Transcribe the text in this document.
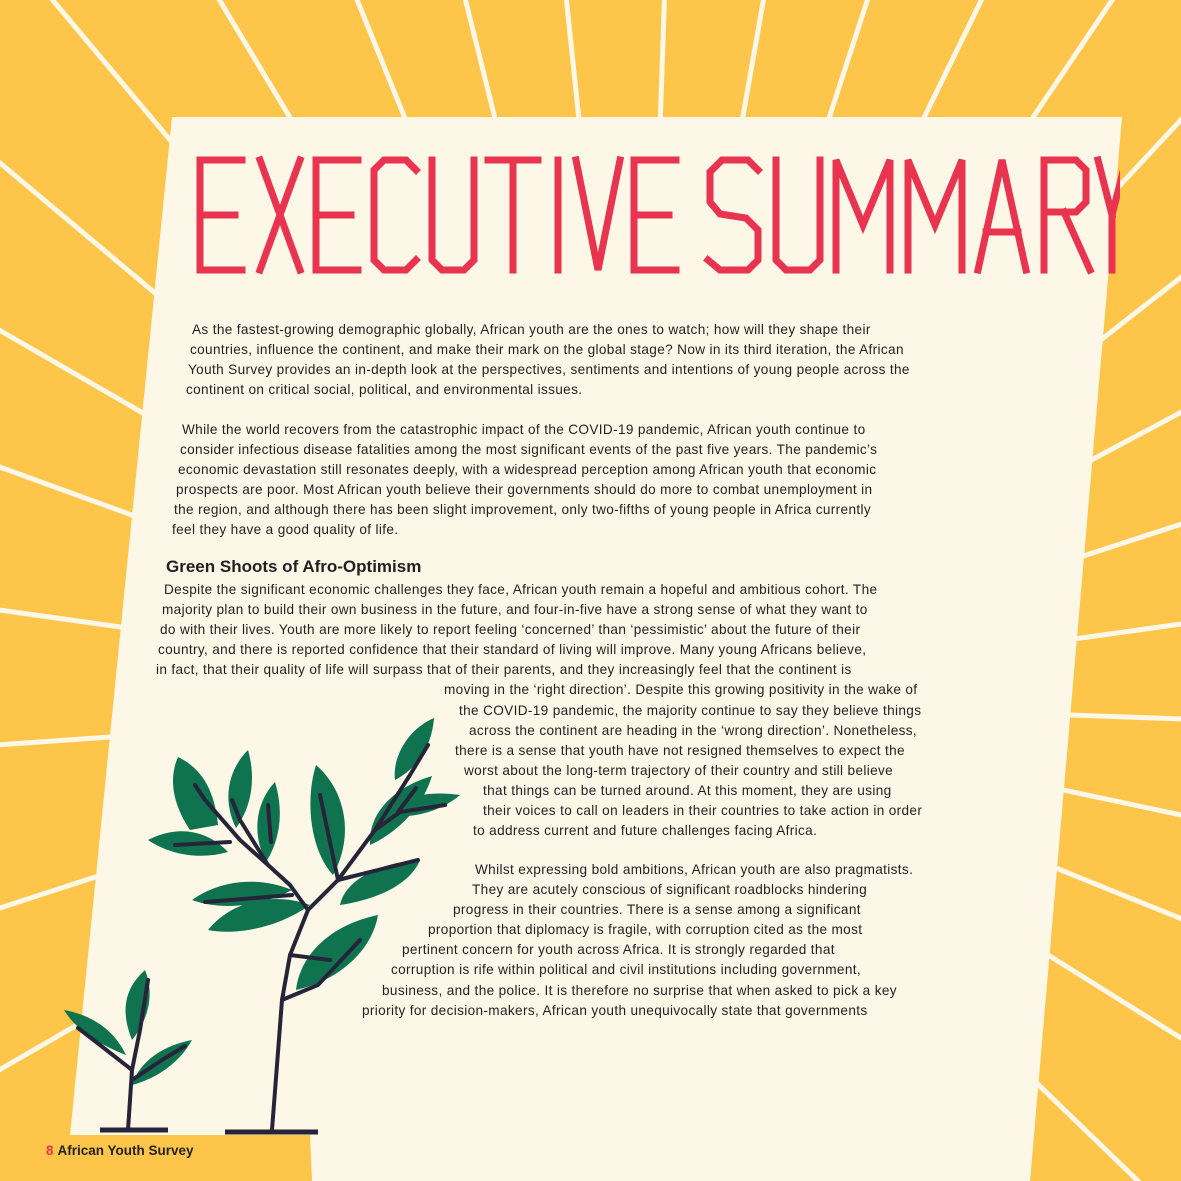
As the fastest-growing demographic globally, African youth are the ones to watch; how will they shape their
countries, influence the continent, and make their mark on the global stage? Now in its third iteration, the African
Youth Survey provides an in-depth look at the perspectives, sentiments and intentions of young people across the
continent on critical social, political, and environmental issues.
While the world recovers from the catastrophic impact of the COVID-19 pandemic, African youth continue to
consider infectious disease fatalities among the most significant events of the past five years. The pandemic’s
economic devastation still resonates deeply, with a widespread perception among African youth that economic
prospects are poor. Most African youth believe their governments should do more to combat unemployment in
the region, and although there has been slight improvement, only two-fifths of young people in Africa currently
feel they have a good quality of life.
Green Shoots of Afro-Optimism
Despite the significant economic challenges they face, African youth remain a hopeful and ambitious cohort. The
majority plan to build their own business in the future, and four-in-five have a strong sense of what they want to
do with their lives. Youth are more likely to report feeling ‘concerned’ than ‘pessimistic’ about the future of their
country, and there is reported confidence that their standard of living will improve. Many young Africans believe,
in fact, that their quality of life will surpass that of their parents, and they increasingly feel that the continent is
moving in the ‘right direction’. Despite this growing positivity in the wake of
the COVID-19 pandemic, the majority continue to say they believe things
across the continent are heading in the ‘wrong direction’. Nonetheless,
there is a sense that youth have not resigned themselves to expect the
worst about the long-term trajectory of their country and still believe
that things can be turned around. At this moment, they are using
their voices to call on leaders in their countries to take action in order
to address current and future challenges facing Africa.
Whilst expressing bold ambitions, African youth are also pragmatists.
They are acutely conscious of significant roadblocks hindering
progress in their countries. There is a sense among a significant
proportion that diplomacy is fragile, with corruption cited as the most
pertinent concern for youth across Africa. It is strongly regarded that
corruption is rife within political and civil institutions including government,
business, and the police. It is therefore no surprise that when asked to pick a key
priority for decision-makers, African youth unequivocally state that governments
8 African Youth Survey
